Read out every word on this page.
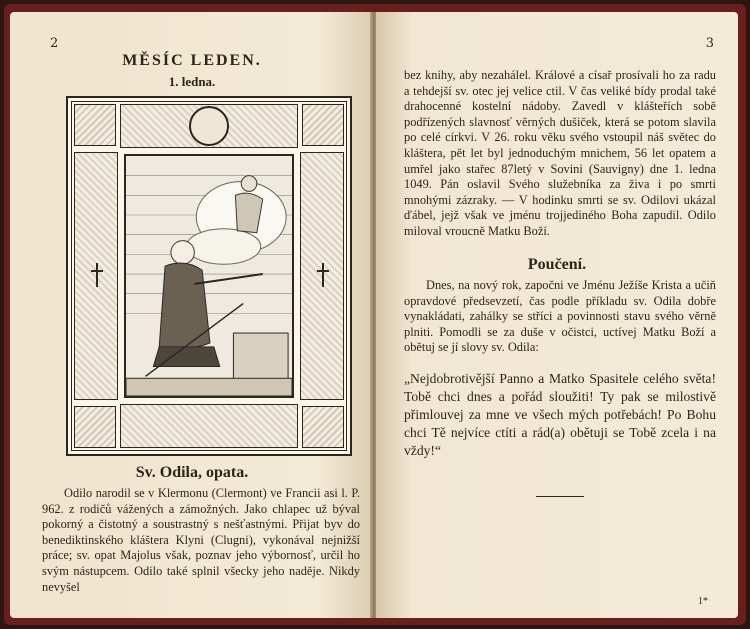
2
MĚSÍC LEDEN.
1. ledna.
Sv. Odila, opata.

Odilo narodil se v Klermonu (Clermont) ve Francii asi l. P. 962. z rodičů vážených a zámožných. Jako chlapec už býval pokorný a čistotný a soustrastný s nešťastnými. Přijat byv do benediktinského kláštera Klyni (Clugni), vykonával nejnižší práce; sv. opat Majolus však, poznav jeho výbornosť, určil ho svým nástupcem. Odilo také splnil všecky jeho naděje. Nikdy nevyšel

3

bez knihy, aby nezahálel. Králové a císař prosívali ho za radu a tehdejší sv. otec jej velice ctil. V čas veliké bídy prodal také drahocenné kostelní nádoby. Zavedl v klášteřích sobě podřízených slavnosť věrných dušiček, která se potom slavila po celé církvi. V 26. roku věku svého vstoupil náš světec do kláštera, pět let byl jednoduchým mnichem, 56 let opatem a umřel jako stařec 87letý v Sovini (Sauvigny) dne 1. ledna 1049. Pán oslavil Svého služebníka za živa i po smrti mnohými zázraky. — V hodinku smrti se sv. Odilovi ukázal ďábel, jejž však ve jménu trojjediného Boha zapudil. Odilo miloval vroucně Matku Boží.

Poučení.

Dnes, na nový rok, započni ve Jménu Ježíše Krista a učiň opravdové předsevzetí, čas podle příkladu sv. Odila dobře vynakládati, zahálky se stříci a povinnosti stavu svého věrně plniti. Pomodli se za duše v očistci, uctívej Matku Boží a obětuj se jí slovy sv. Odila:

„Nejdobrotivější Panno a Matko Spasitele celého světa! Tobě chci dnes a pořád sloužiti! Ty pak se milostivě přimlouvej za mne ve všech mých potřebách! Po Bohu chci Tě nejvíce ctíti a rád(a) obětuji se Tobě zcela i na vždy!“

1*
